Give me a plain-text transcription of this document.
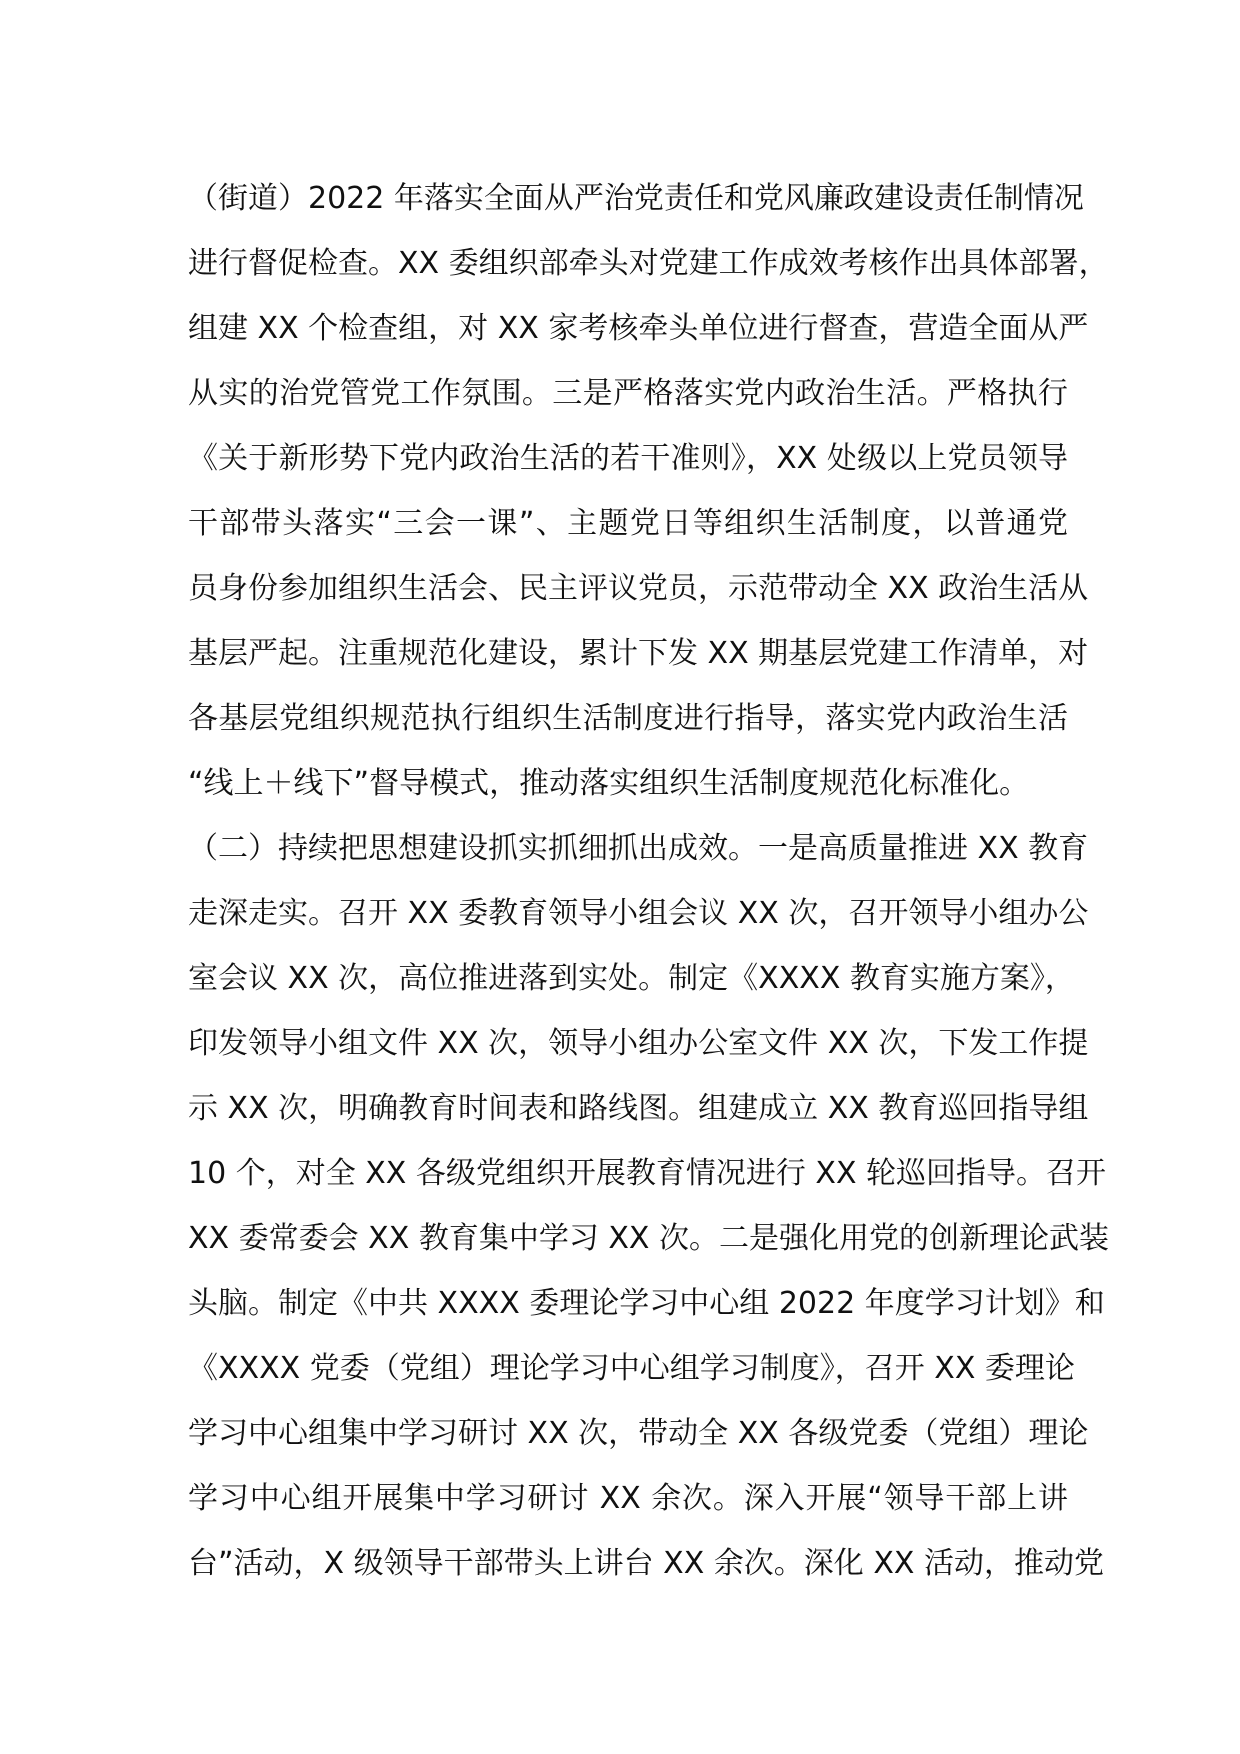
（街道）2022 年落实全面从严治党责任和党风廉政建设责任制情况
进行督促检查。XX 委组织部牵头对党建工作成效考核作出具体部署，
组建 XX 个检查组，对 XX 家考核牵头单位进行督查，营造全面从严
从实的治党管党工作氛围。三是严格落实党内政治生活。严格执行
《关于新形势下党内政治生活的若干准则》，XX 处级以上党员领导
干部带头落实“三会一课”、主题党日等组织生活制度，以普通党
员身份参加组织生活会、民主评议党员，示范带动全 XX 政治生活从
基层严起。注重规范化建设，累计下发 XX 期基层党建工作清单，对
各基层党组织规范执行组织生活制度进行指导，落实党内政治生活
“线上＋线下”督导模式，推动落实组织生活制度规范化标准化。
（二）持续把思想建设抓实抓细抓出成效。一是高质量推进 XX 教育
走深走实。召开 XX 委教育领导小组会议 XX 次，召开领导小组办公
室会议 XX 次，高位推进落到实处。制定《XXXX 教育实施方案》，
印发领导小组文件 XX 次，领导小组办公室文件 XX 次，下发工作提
示 XX 次，明确教育时间表和路线图。组建成立 XX 教育巡回指导组
10 个，对全 XX 各级党组织开展教育情况进行 XX 轮巡回指导。召开
XX 委常委会 XX 教育集中学习 XX 次。二是强化用党的创新理论武装
头脑。制定《中共 XXXX 委理论学习中心组 2022 年度学习计划》和
《XXXX 党委（党组）理论学习中心组学习制度》，召开 XX 委理论
学习中心组集中学习研讨 XX 次，带动全 XX 各级党委（党组）理论
学习中心组开展集中学习研讨 XX 余次。深入开展“领导干部上讲
台”活动，X 级领导干部带头上讲台 XX 余次。深化 XX 活动，推动党
